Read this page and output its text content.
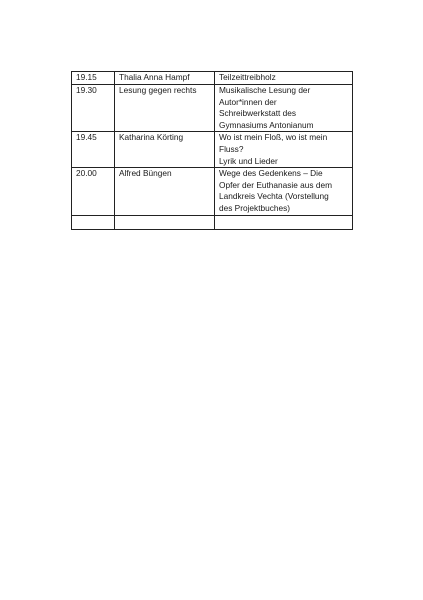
19.15	Thalia Anna Hampf	Teilzeittreibholz

19.30	Lesung gegen rechts	Musikalische Lesung der
Autor*innen der
Schreibwerkstatt des
Gymnasiums Antonianum

19.45	Katharina Körting	Wo ist mein Floß, wo ist mein
Fluss?
Lyrik und Lieder

20.00	Alfred Büngen	Wege des Gedenkens – Die
Opfer der Euthanasie aus dem
Landkreis Vechta (Vorstellung
des Projektbuches)
